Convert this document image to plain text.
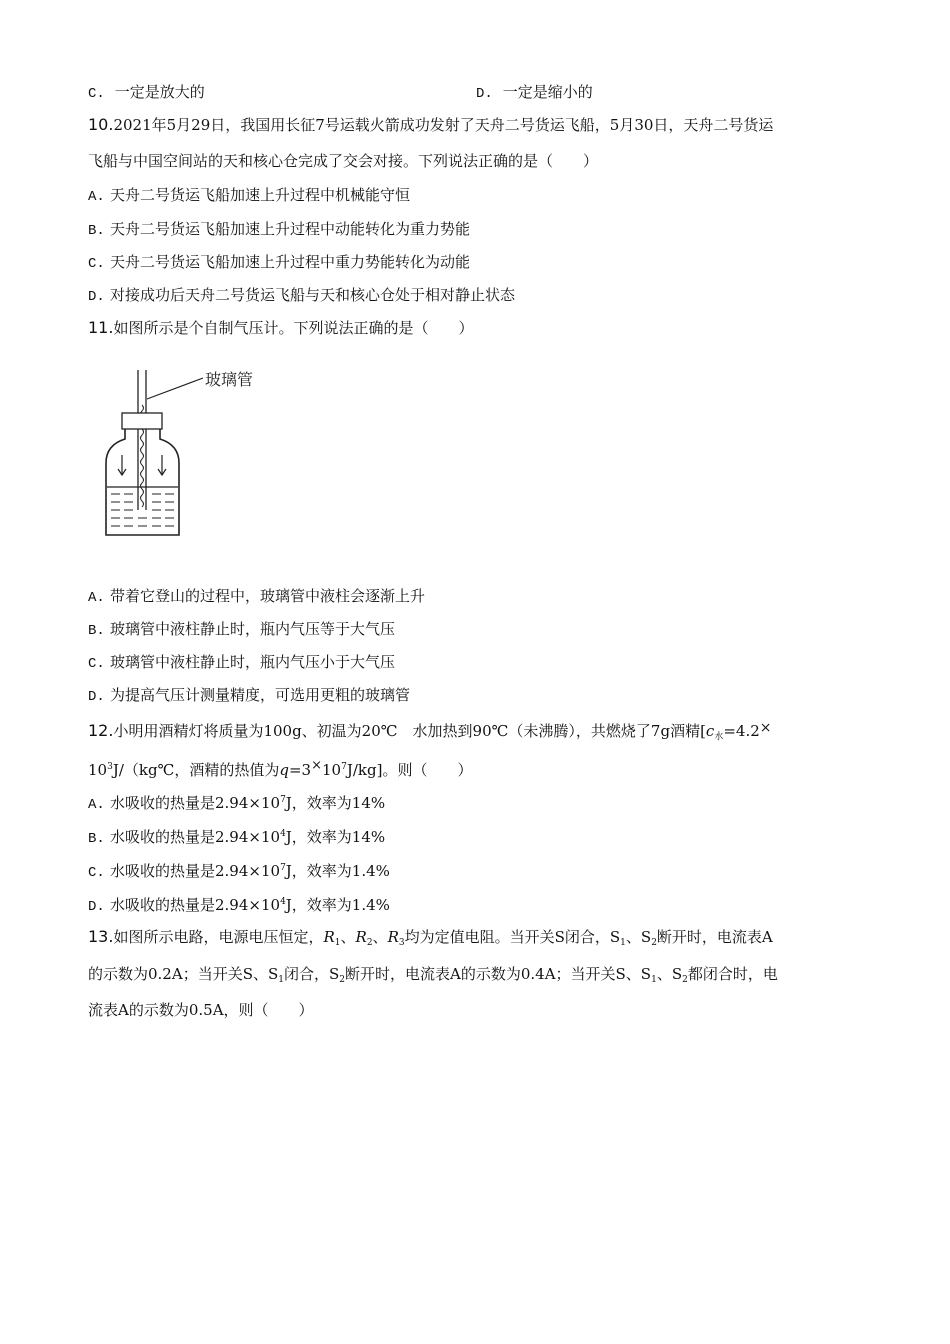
C. 一定是放大的	D. 一定是缩小的
10.2021年5月29日，我国用长征7号运载火箭成功发射了天舟二号货运飞船，5月30日，天舟二号货运
飞船与中国空间站的天和核心仓完成了交会对接。下列说法正确的是（　　）
A. 天舟二号货运飞船加速上升过程中机械能守恒
B. 天舟二号货运飞船加速上升过程中动能转化为重力势能
C. 天舟二号货运飞船加速上升过程中重力势能转化为动能
D. 对接成功后天舟二号货运飞船与天和核心仓处于相对静止状态
11.如图所示是个自制气压计。下列说法正确的是（　　）
玻璃管
A. 带着它登山的过程中，玻璃管中液柱会逐渐上升
B. 玻璃管中液柱静止时，瓶内气压等于大气压
C. 玻璃管中液柱静止时，瓶内气压小于大气压
D. 为提高气压计测量精度，可选用更粗的玻璃管
12.小明用酒精灯将质量为100g、初温为20℃　水加热到90℃（未沸腾），共燃烧了7g酒精[$c_水=4.2^\times$
$10^3J/(kg℃$，酒精的热值为$q=3^\times 10^7J/kg$]。则（　　）
A. 水吸收的热量是$2.94\times 10^7J$，效率为14%
B. 水吸收的热量是$2.94\times 10^4J$，效率为14%
C. 水吸收的热量是$2.94\times 10^7J$，效率为1.4%
D. 水吸收的热量是$2.94\times 10^4J$，效率为1.4%
13.如图所示电路，电源电压恒定，$R_1$、$R_2$、$R_3$均为定值电阻。当开关S闭合，$S_1$、$S_2$断开时，电流表A
的示数为0.2A；当开关S、$S_1$闭合，$S_2$断开时，电流表A的示数为0.4A；当开关S、$S_1$、$S_2$都闭合时，电
流表A的示数为0.5A，则（　　）
